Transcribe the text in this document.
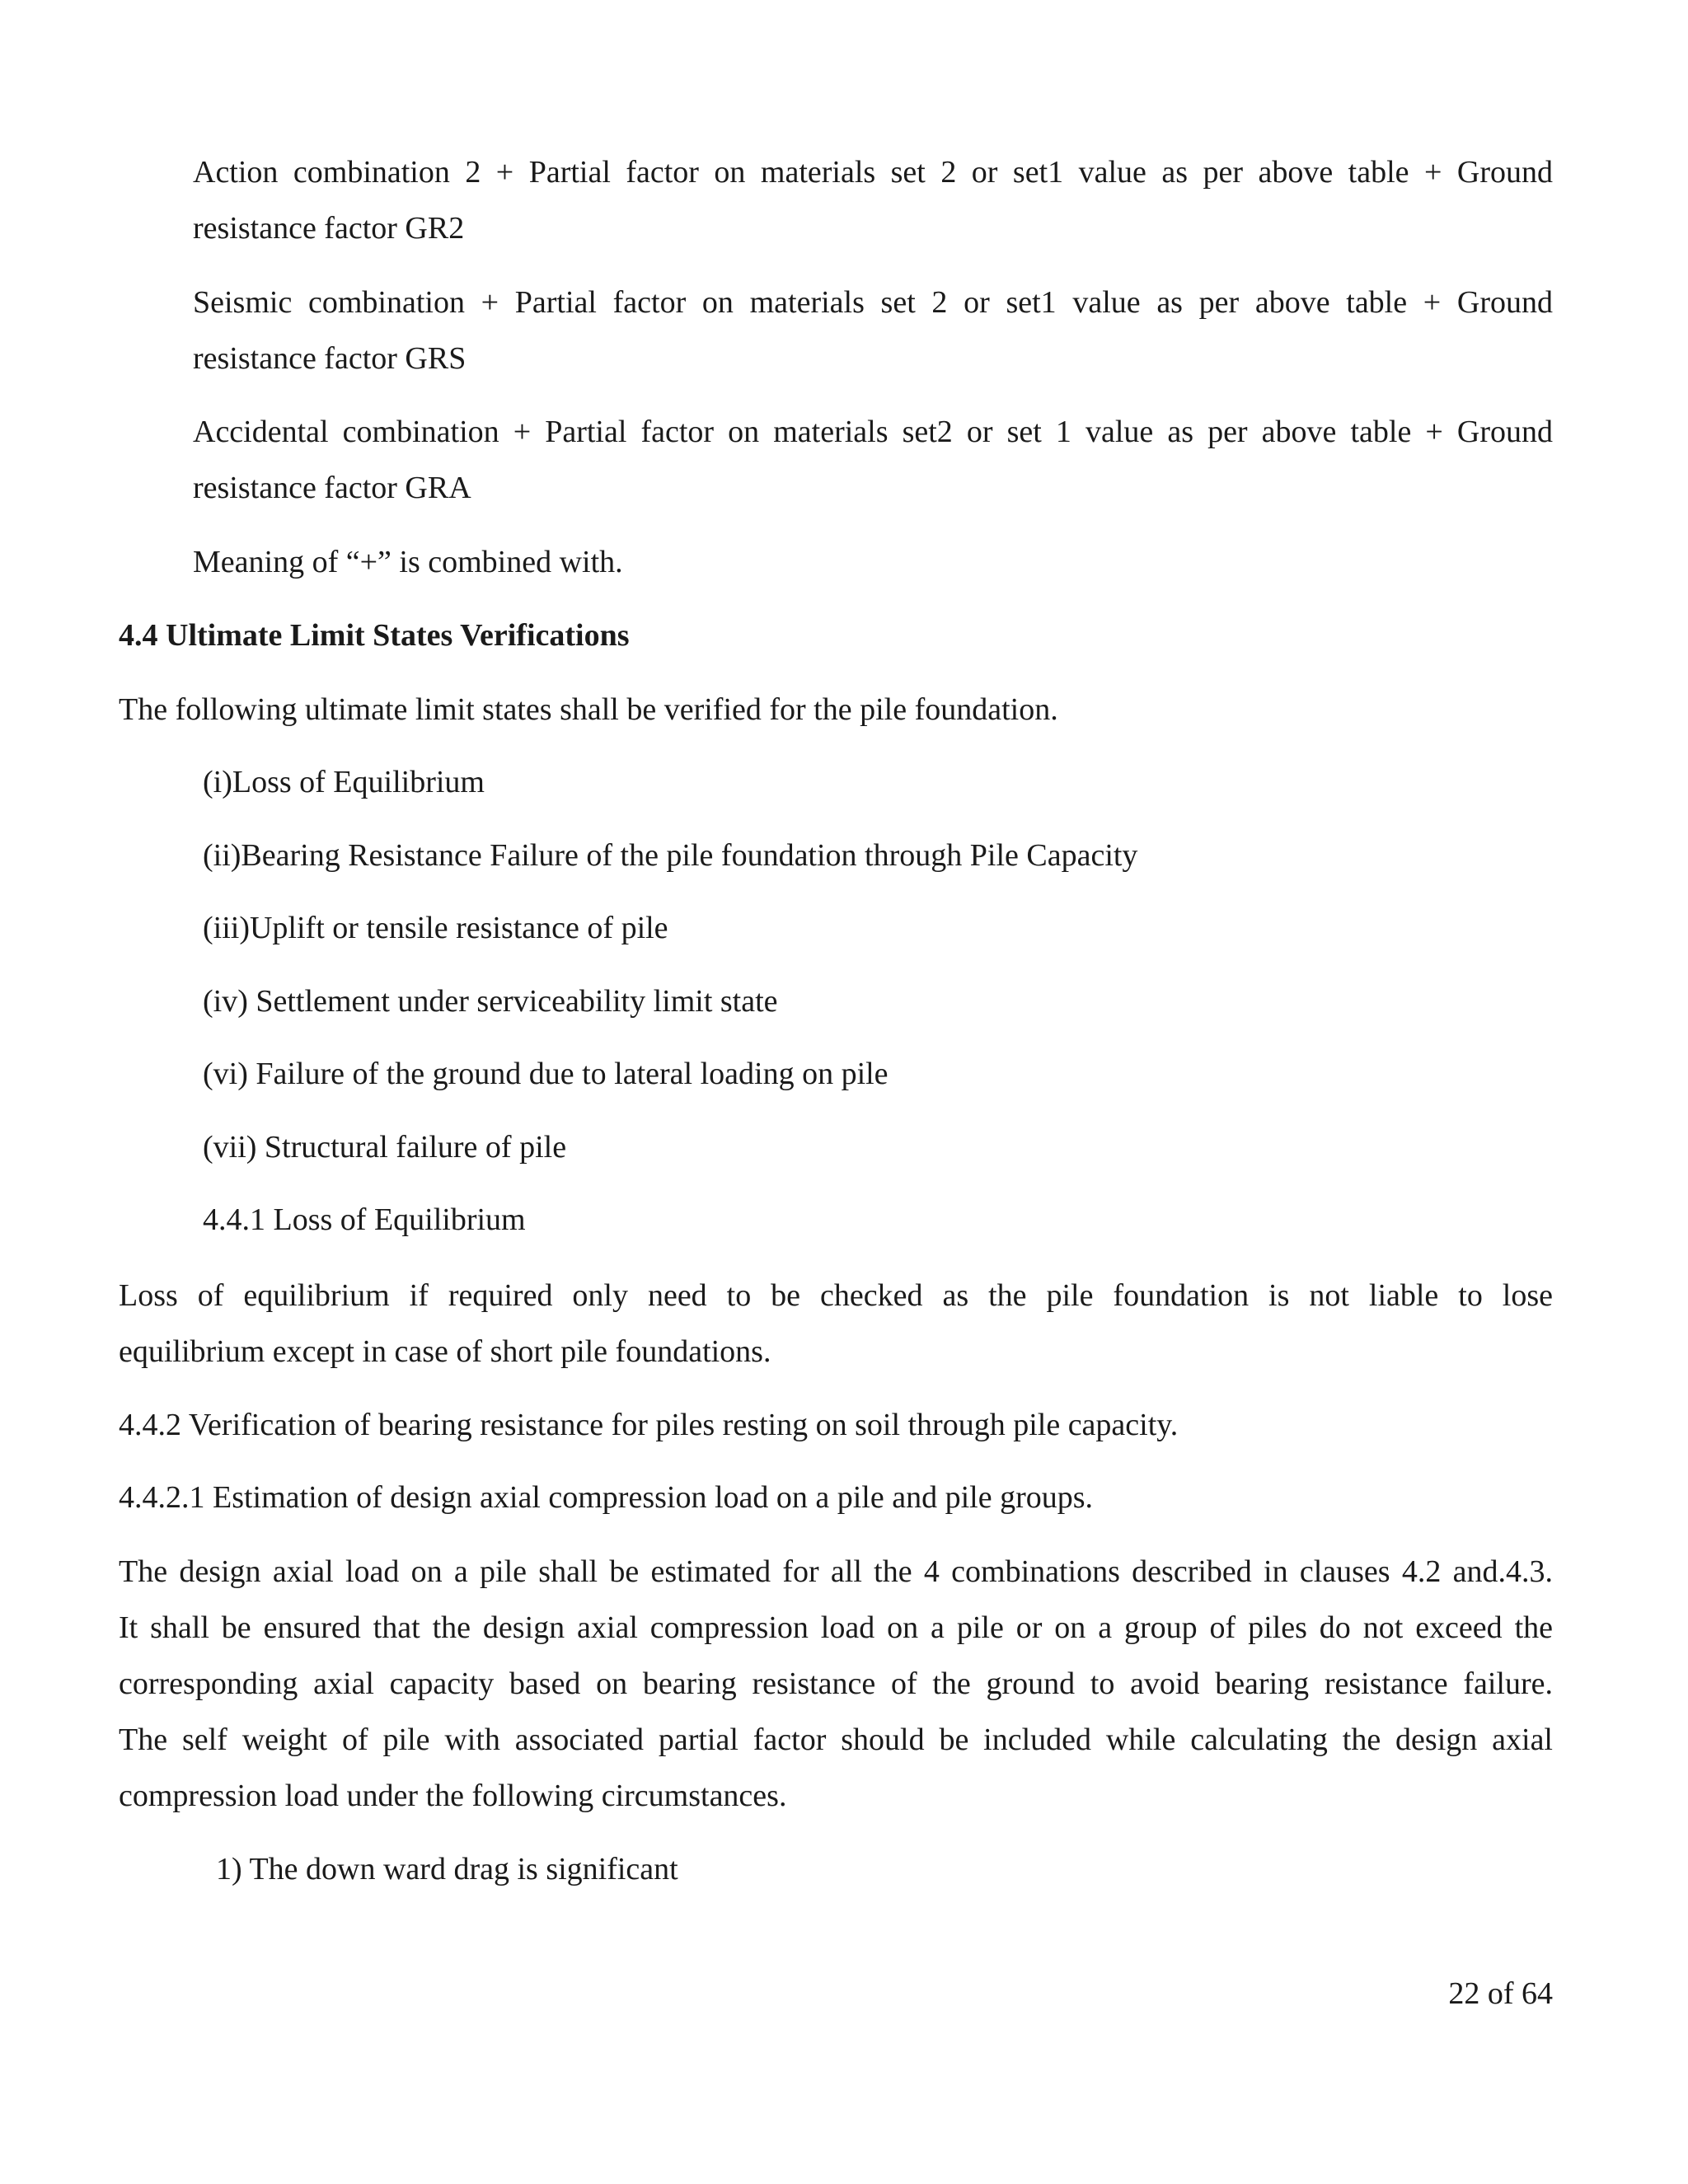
Action combination 2 + Partial factor on materials set 2 or set1 value as per above table + Ground
resistance factor GR2
Seismic combination + Partial factor on materials set 2 or set1 value as per above table + Ground
resistance factor GRS
Accidental combination + Partial factor on materials set2 or set 1 value as per above table + Ground
resistance factor GRA
Meaning of “+” is combined with.
4.4 Ultimate Limit States Verifications
The following ultimate limit states shall be verified for the pile foundation.
(i)Loss of Equilibrium
(ii)Bearing Resistance Failure of the pile foundation through Pile Capacity
(iii)Uplift or tensile resistance of pile
(iv) Settlement under serviceability limit state
(vi) Failure of the ground due to lateral loading on pile
(vii) Structural failure of pile
4.4.1 Loss of Equilibrium
Loss of equilibrium if required only need to be checked as the pile foundation is not liable to lose
equilibrium except in case of short pile foundations.
4.4.2 Verification of bearing resistance for piles resting on soil through pile capacity.
4.4.2.1 Estimation of design axial compression load on a pile and pile groups.
The design axial load on a pile shall be estimated for all the 4 combinations described in clauses 4.2 and.4.3.
It shall be ensured that the design axial compression load on a pile or on a group of piles do not exceed the
corresponding axial capacity based on bearing resistance of the ground to avoid bearing resistance failure.
The self weight of pile with associated partial factor should be included while calculating the design axial
compression load under the following circumstances.
1) The down ward drag is significant
22 of 64
